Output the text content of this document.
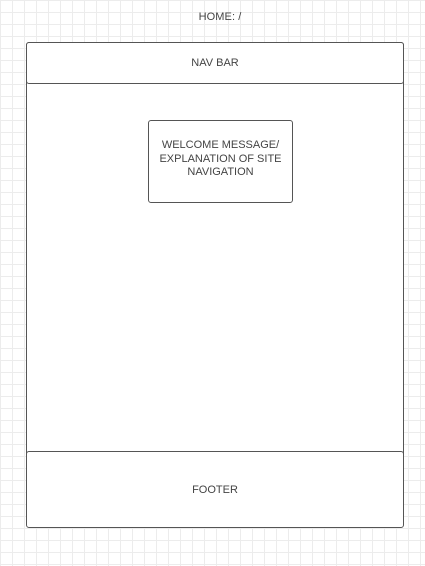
HOME: /
NAV BAR
WELCOME MESSAGE/ EXPLANATION OF SITE NAVIGATION
FOOTER
